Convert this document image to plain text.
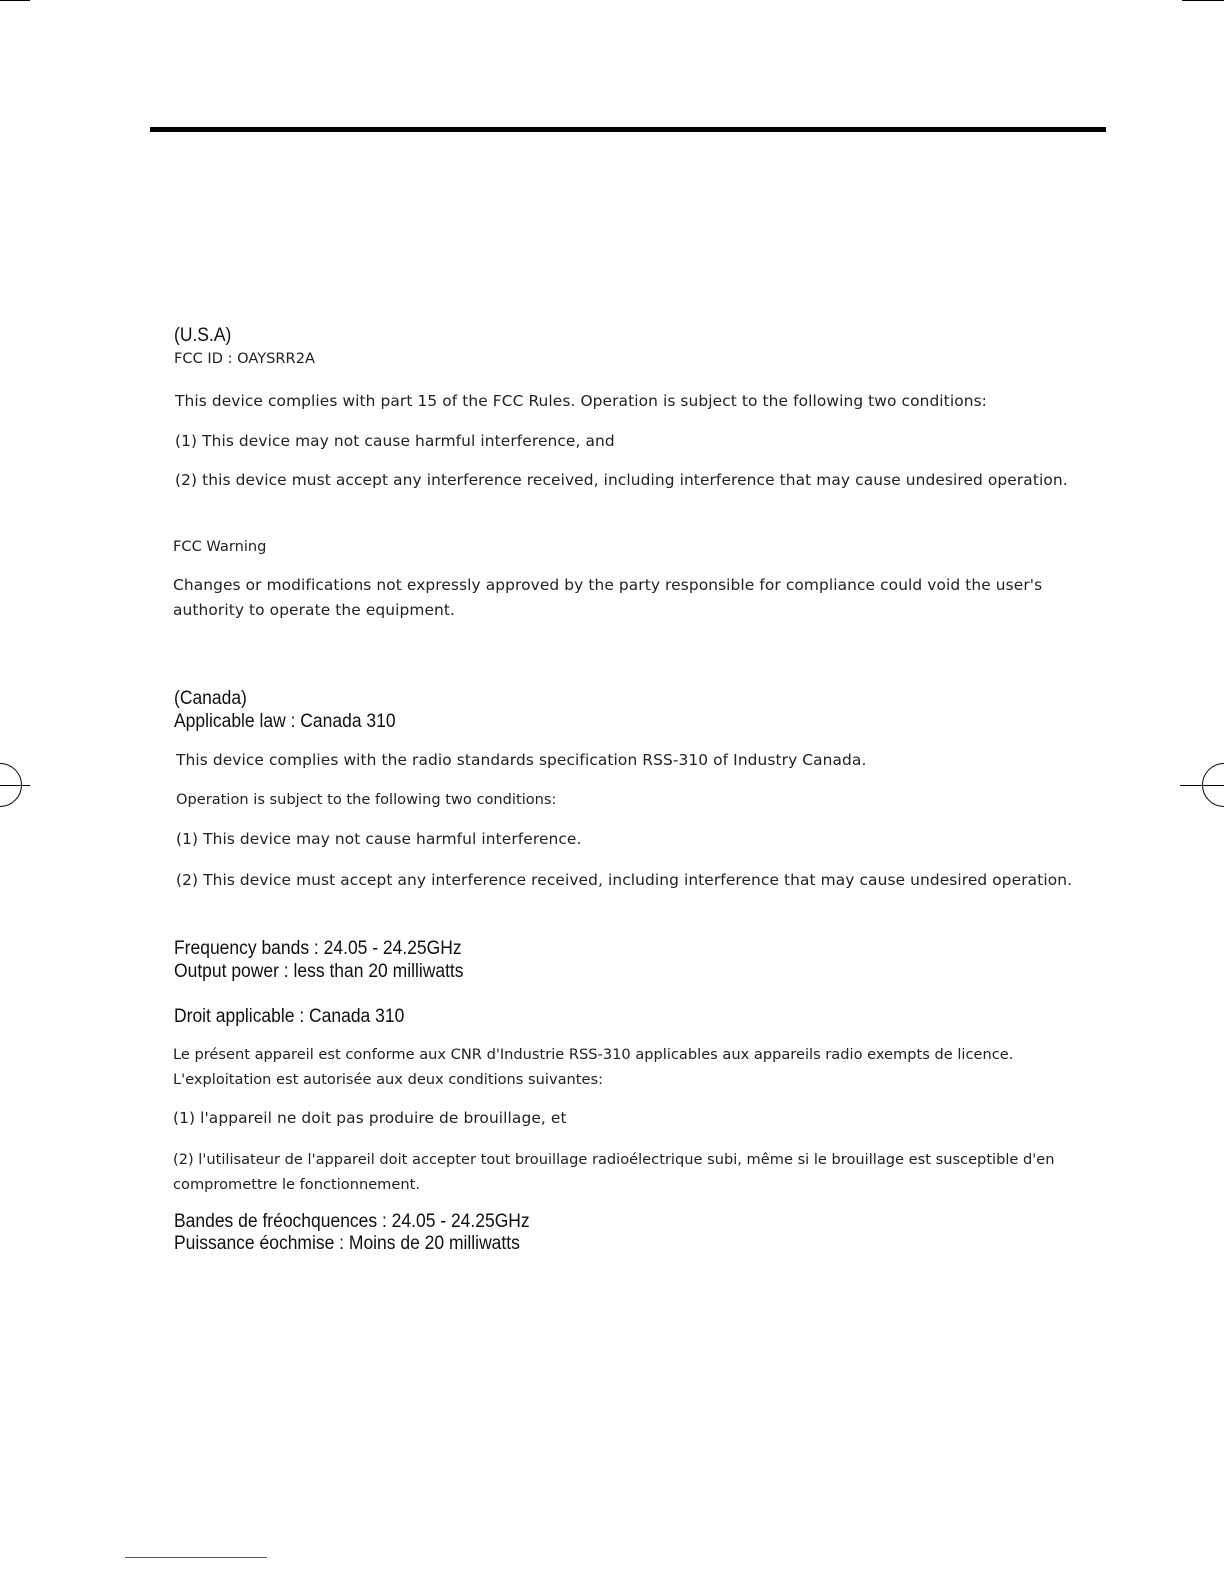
(U.S.A)
FCC ID : OAYSRR2A
This device complies with part 15 of the FCC Rules. Operation is subject to the following two conditions:
(1) This device may not cause harmful interference, and
(2) this device must accept any interference received, including interference that may cause undesired operation.
FCC Warning
Changes or modifications not expressly approved by the party responsible for compliance could void the user's authority to operate the equipment.
(Canada)
Applicable law : Canada 310
This device complies with the radio standards specification RSS-310 of Industry Canada.
Operation is subject to the following two conditions:
(1) This device may not cause harmful interference.
(2) This device must accept any interference received, including interference that may cause undesired operation.
Frequency bands : 24.05 - 24.25GHz
Output power : less than 20 milliwatts
Droit applicable : Canada 310
Le présent appareil est conforme aux CNR d'Industrie RSS-310 applicables aux appareils radio exempts de licence. L'exploitation est autorisée aux deux conditions suivantes:
(1) l'appareil ne doit pas produire de brouillage, et
(2) l'utilisateur de l'appareil doit accepter tout brouillage radioélectrique subi, même si le brouillage est susceptible d'en compromettre le fonctionnement.
Bandes de fréochquences : 24.05 - 24.25GHz
Puissance éochmise : Moins de 20 milliwatts
